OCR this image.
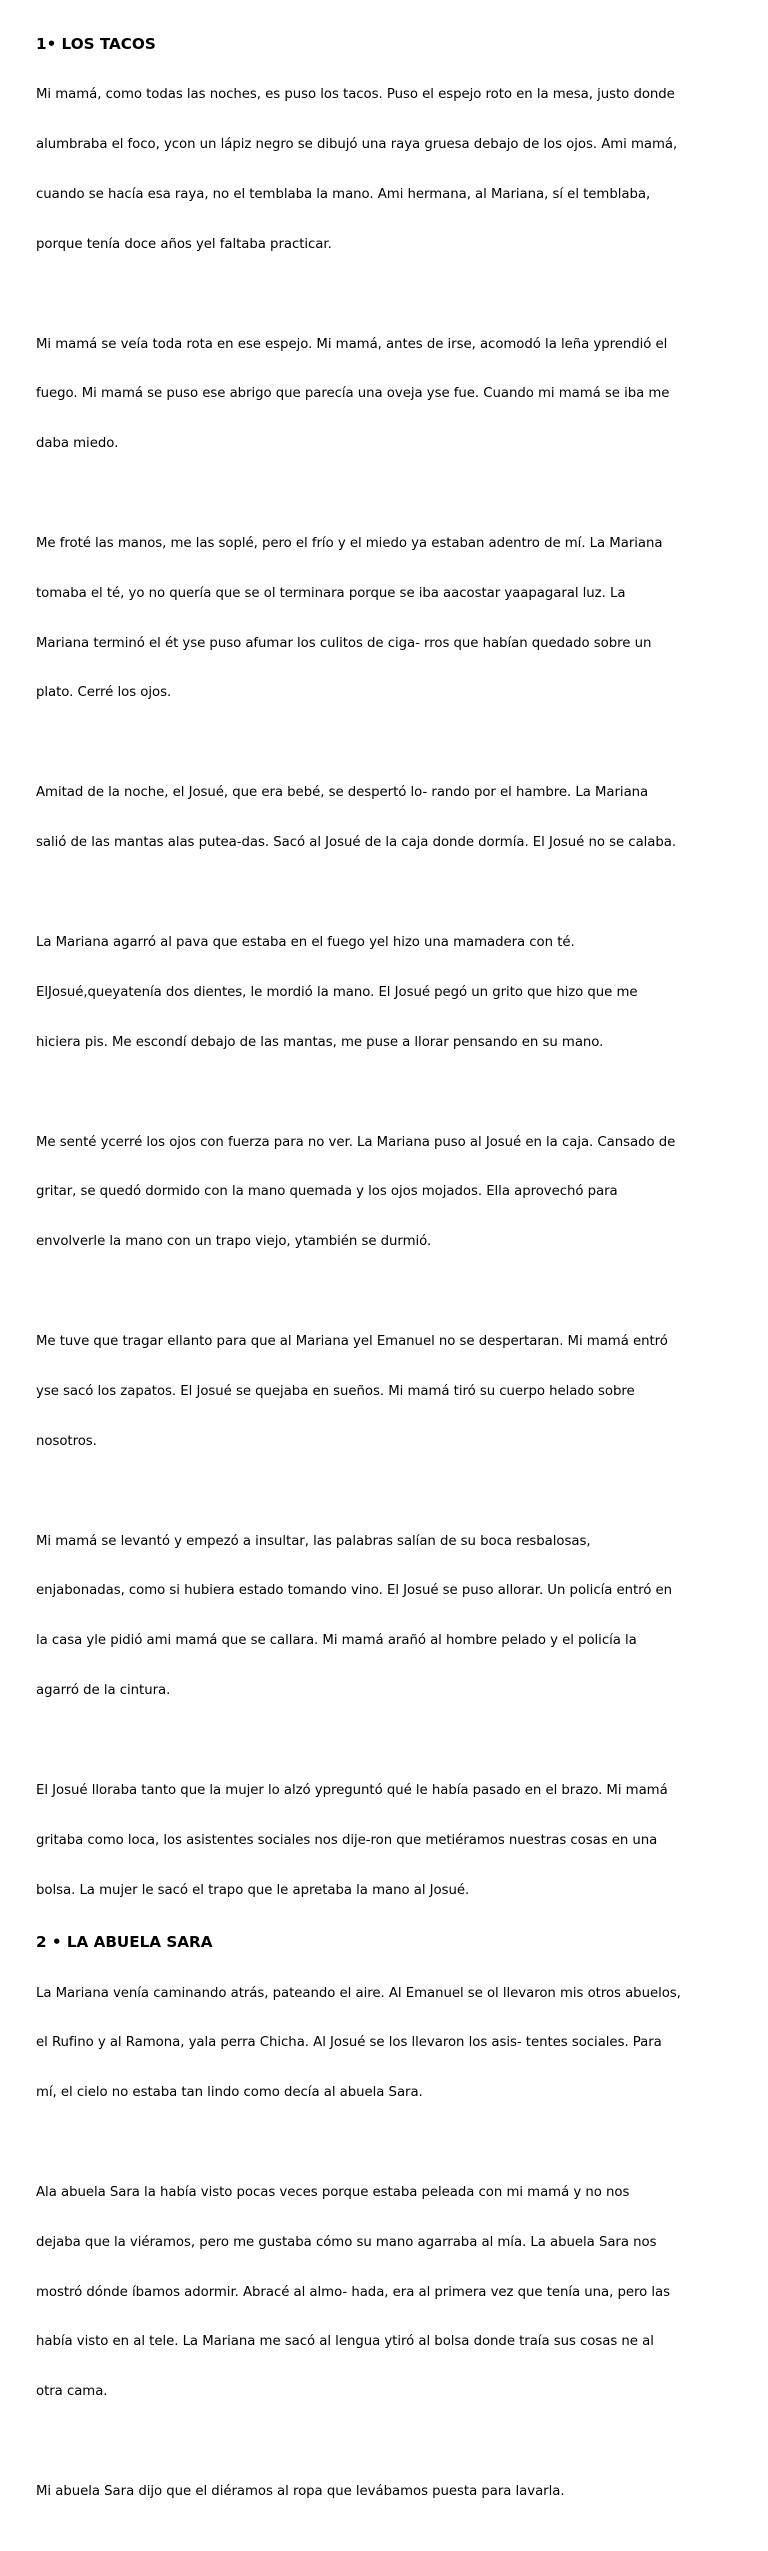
1• LOS TACOS

Mi mamá, como todas las noches, es puso los tacos. Puso el espejo roto en la mesa, justo donde

alumbraba el foco, ycon un lápiz negro se dibujó una raya gruesa debajo de los ojos. Ami mamá,

cuando se hacía esa raya, no el temblaba la mano. Ami hermana, al Mariana, sí el temblaba,

porque tenía doce años yel faltaba practicar.

Mi mamá se veía toda rota en ese espejo. Mi mamá, antes de irse, acomodó la leña yprendió el

fuego. Mi mamá se puso ese abrigo que parecía una oveja yse fue. Cuando mi mamá se iba me

daba miedo.

Me froté las manos, me las soplé, pero el frío y el miedo ya estaban adentro de mí. La Mariana

tomaba el té, yo no quería que se ol terminara porque se iba aacostar yaapagaral luz. La

Mariana terminó el ét yse puso afumar los culitos de ciga- rros que habían quedado sobre un

plato. Cerré los ojos.

Amitad de la noche, el Josué, que era bebé, se despertó lo- rando por el hambre. La Mariana

salió de las mantas alas putea-das. Sacó al Josué de la caja donde dormía. El Josué no se calaba.

La Mariana agarró al pava que estaba en el fuego yel hizo una mamadera con té.

ElJosué,queyatenía dos dientes, le mordió la mano. El Josué pegó un grito que hizo que me

hiciera pis. Me escondí debajo de las mantas, me puse a llorar pensando en su mano.

Me senté ycerré los ojos con fuerza para no ver. La Mariana puso al Josué en la caja. Cansado de

gritar, se quedó dormido con la mano quemada y los ojos mojados. Ella aprovechó para

envolverle la mano con un trapo viejo, ytambién se durmió.

Me tuve que tragar ellanto para que al Mariana yel Emanuel no se despertaran. Mi mamá entró

yse sacó los zapatos. El Josué se quejaba en sueños. Mi mamá tiró su cuerpo helado sobre

nosotros.

Mi mamá se levantó y empezó a insultar, las palabras salían de su boca resbalosas,

enjabonadas, como si hubiera estado tomando vino. El Josué se puso allorar. Un policía entró en

la casa yle pidió ami mamá que se callara. Mi mamá arañó al hombre pelado y el policía la

agarró de la cintura.

El Josué lloraba tanto que la mujer lo alzó ypreguntó qué le había pasado en el brazo. Mi mamá

gritaba como loca, los asistentes sociales nos dije-ron que metiéramos nuestras cosas en una

bolsa. La mujer le sacó el trapo que le apretaba la mano al Josué.

2 • LA ABUELA SARA

La Mariana venía caminando atrás, pateando el aire. Al Emanuel se ol llevaron mis otros abuelos,

el Rufino y al Ramona, yala perra Chicha. Al Josué se los llevaron los asis- tentes sociales. Para

mí, el cielo no estaba tan lindo como decía al abuela Sara.

Ala abuela Sara la había visto pocas veces porque estaba peleada con mi mamá y no nos

dejaba que la viéramos, pero me gustaba cómo su mano agarraba al mía. La abuela Sara nos

mostró dónde íbamos adormir. Abracé al almo- hada, era al primera vez que tenía una, pero las

había visto en al tele. La Mariana me sacó al lengua ytiró al bolsa donde traía sus cosas ne al

otra cama.

Mi abuela Sara dijo que el diéramos al ropa que levábamos puesta para lavarla.
